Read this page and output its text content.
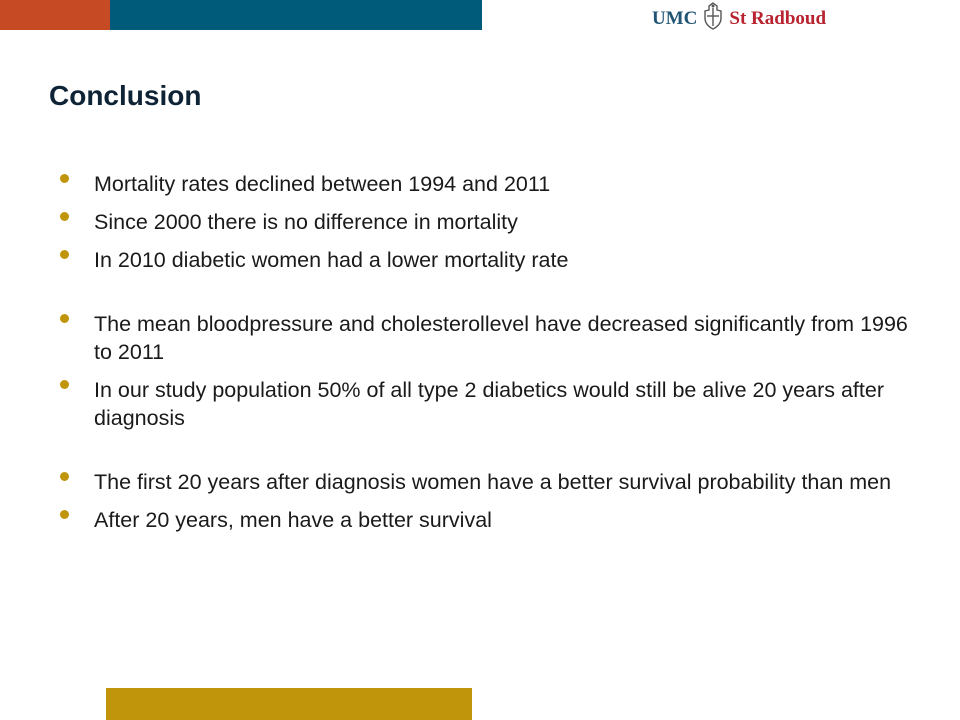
UMC St Radboud
Conclusion
Mortality rates declined between 1994 and 2011
Since 2000 there is no difference in mortality
In 2010 diabetic women had a lower mortality rate
The mean bloodpressure and cholesterollevel have decreased significantly from 1996 to 2011
In our study population 50% of all type 2 diabetics would still be alive 20 years after diagnosis
The first 20 years after diagnosis women have a better survival probability than men
After 20 years, men have a better survival
